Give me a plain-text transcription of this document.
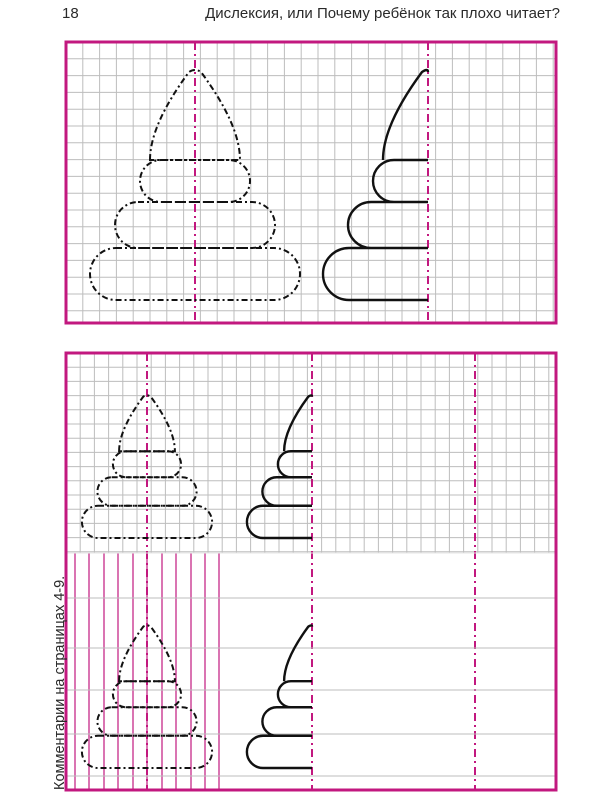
18	Дислексия, или Почему ребёнок так плохо читает?
Комментарии на страницах 4-9.
